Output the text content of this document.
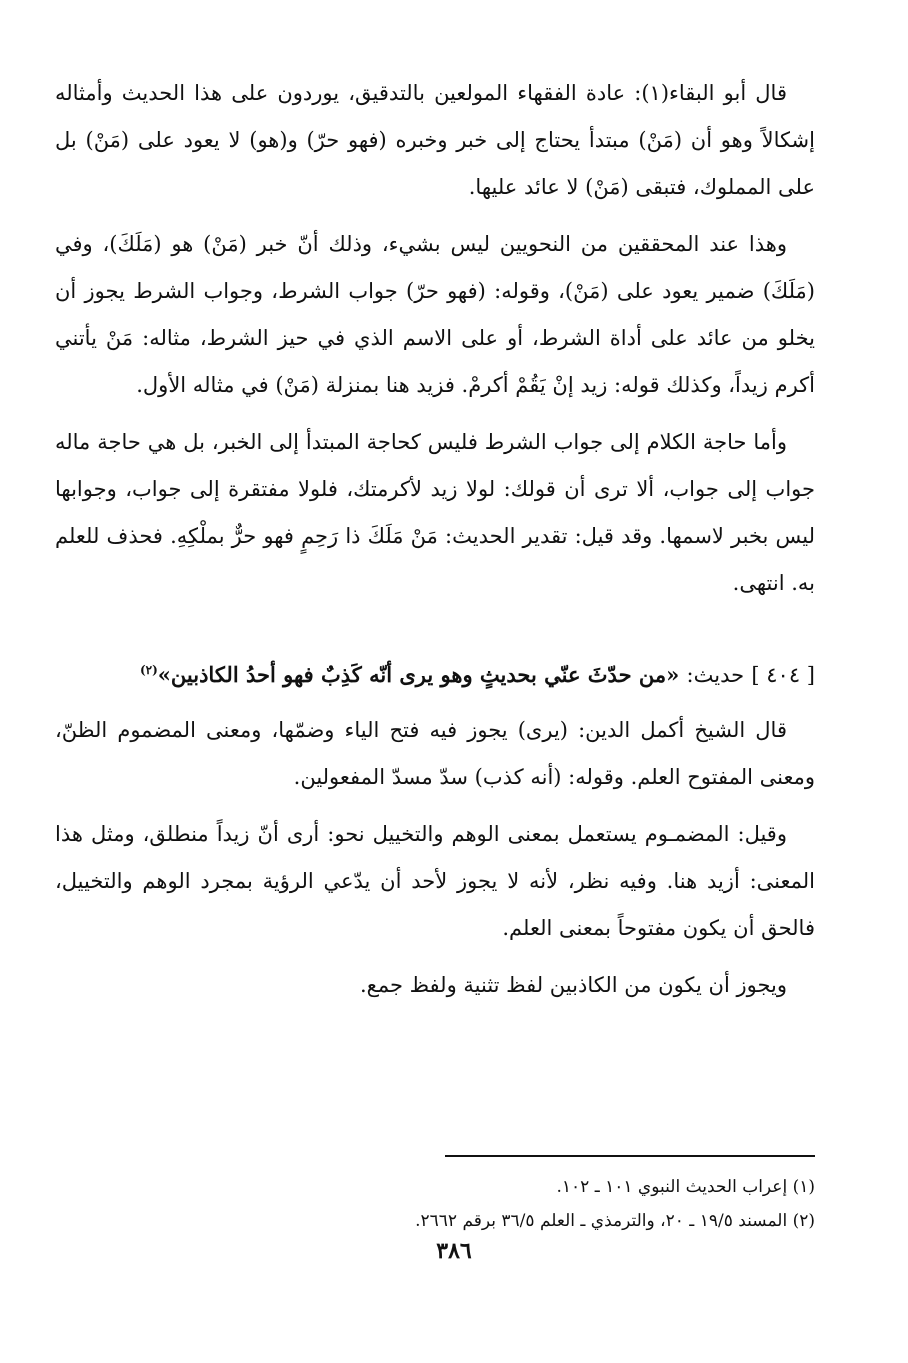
قال أبو البقاء(١): عادة الفقهاء المولعين بالتدقيق، يوردون على هذا الحديث وأمثاله إشكالاً وهو أن (مَنْ) مبتدأ يحتاج إلى خبر وخبره (فهو حرّ) و(هو) لا يعود على (مَنْ) بل على المملوك، فتبقى (مَنْ) لا عائد عليها.

وهذا عند المحققين من النحويين ليس بشيء، وذلك أنّ خبر (مَنْ) هو (مَلَكَ)، وفي (مَلَكَ) ضمير يعود على (مَنْ)، وقوله: (فهو حرّ) جواب الشرط، وجواب الشرط يجوز أن يخلو من عائد على أداة الشرط، أو على الاسم الذي في حيز الشرط، مثاله: مَنْ يأتني أكرم زيداً، وكذلك قوله: زيد إنْ يَقُمْ أكرمْ. فزيد هنا بمنزلة (مَنْ) في مثاله الأول.

وأما حاجة الكلام إلى جواب الشرط فليس كحاجة المبتدأ إلى الخبر، بل هي حاجة ماله جواب إلى جواب، ألا ترى أن قولك: لولا زيد لأكرمتك، فلولا مفتقرة إلى جواب، وجوابها ليس بخبر لاسمها. وقد قيل: تقدير الحديث: مَنْ مَلَكَ ذا رَحِمٍ فهو حرٌّ بملْكِهِ. فحذف للعلم به. انتهى.

[ ٤٠٤ ] حديث: «من حدّثَ عنّي بحديثٍ وهو يرى أنّه كَذِبٌ فهو أحدُ الكاذبين»$^{(٢)}$

قال الشيخ أكمل الدين: (يرى) يجوز فيه فتح الياء وضمّها، ومعنى المضموم الظنّ، ومعنى المفتوح العلم. وقوله: (أنه كذب) سدّ مسدّ المفعولين.

وقيل: المضمـوم يستعمل بمعنى الوهم والتخييل نحو: أرى أنّ زيداً منطلق، ومثل هذا المعنى: أزيد هنا. وفيه نظر، لأنه لا يجوز لأحد أن يدّعي الرؤية بمجرد الوهم والتخييل، فالحق أن يكون مفتوحاً بمعنى العلم.

ويجوز أن يكون من الكاذبين لفظ تثنية ولفظ جمع.

(١) إعراب الحديث النبوي ١٠١ ـ ١٠٢.

(٢) المسند ١٩/٥ ـ ٢٠، والترمذي ـ العلم ٣٦/٥ برقم ٢٦٦٢.

٣٨٦
